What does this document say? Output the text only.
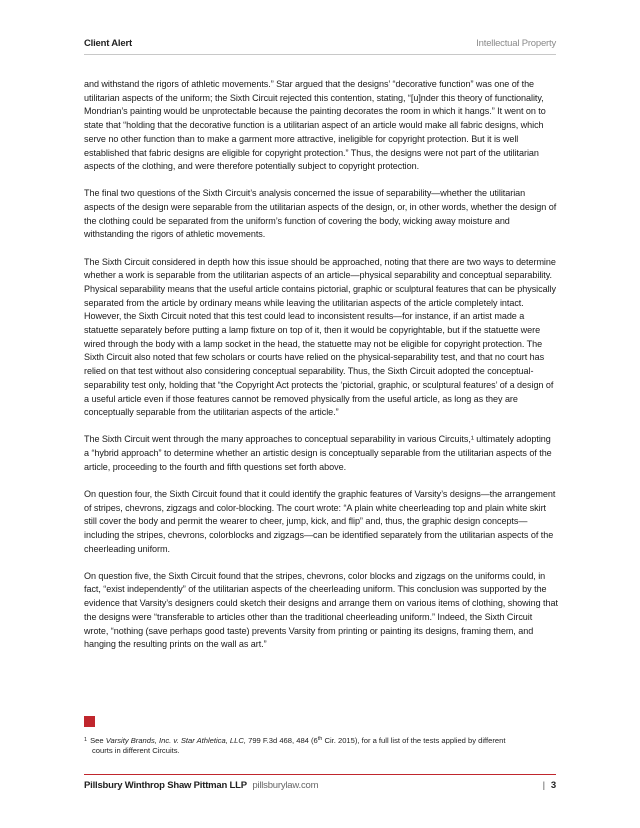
Client Alert	Intellectual Property

and withstand the rigors of athletic movements.” Star argued that the designs’ “decorative function” was one of the utilitarian aspects of the uniform; the Sixth Circuit rejected this contention, stating, “[u]nder this theory of functionality, Mondrian’s painting would be unprotectable because the painting decorates the room in which it hangs.” It went on to state that “holding that the decorative function is a utilitarian aspect of an article would make all fabric designs, which serve no other function than to make a garment more attractive, ineligible for copyright protection. But it is well established that fabric designs are eligible for copyright protection.” Thus, the designs were not part of the utilitarian aspects of the clothing, and were therefore potentially subject to copyright protection.

The final two questions of the Sixth Circuit’s analysis concerned the issue of separability—whether the utilitarian aspects of the design were separable from the utilitarian aspects of the design, or, in other words, whether the design of the clothing could be separated from the uniform’s function of covering the body, wicking away moisture and withstanding the rigors of athletic movements.

The Sixth Circuit considered in depth how this issue should be approached, noting that there are two ways to determine whether a work is separable from the utilitarian aspects of an article—physical separability and conceptual separability. Physical separability means that the useful article contains pictorial, graphic or sculptural features that can be physically separated from the article by ordinary means while leaving the utilitarian aspects of the article completely intact. However, the Sixth Circuit noted that this test could lead to inconsistent results—for instance, if an artist made a statuette separately before putting a lamp fixture on top of it, then it would be copyrightable, but if the statuette were wired through the body with a lamp socket in the head, the statuette may not be eligible for copyright protection. The Sixth Circuit also noted that few scholars or courts have relied on the physical-separability test, and that no court has relied on that test without also considering conceptual separability. Thus, the Sixth Circuit adopted the conceptual-separability test only, holding that “the Copyright Act protects the ‘pictorial, graphic, or sculptural features’ of a design of a useful article even if those features cannot be removed physically from the useful article, as long as they are conceptually separable from the utilitarian aspects of the article.”

The Sixth Circuit went through the many approaches to conceptual separability in various Circuits,¹ ultimately adopting a “hybrid approach” to determine whether an artistic design is conceptually separable from the utilitarian aspects of the article, proceeding to the fourth and fifth questions set forth above.

On question four, the Sixth Circuit found that it could identify the graphic features of Varsity’s designs—the arrangement of stripes, chevrons, zigzags and color-blocking. The court wrote: “A plain white cheerleading top and plain white skirt still cover the body and permit the wearer to cheer, jump, kick, and flip” and, thus, the graphic design concepts—including the stripes, chevrons, colorblocks and zigzags—can be identified separately from the utilitarian aspects of the cheerleading uniform.

On question five, the Sixth Circuit found that the stripes, chevrons, color blocks and zigzags on the uniforms could, in fact, “exist independently” of the utilitarian aspects of the cheerleading uniform. This conclusion was supported by the evidence that Varsity’s designers could sketch their designs and arrange them on various items of clothing, showing that the designs were “transferable to articles other than the traditional cheerleading uniform.” Indeed, the Sixth Circuit wrote, “nothing (save perhaps good taste) prevents Varsity from printing or painting its designs, framing them, and hanging the resulting prints on the wall as art.”

$^1$ See Varsity Brands, Inc. v. Star Athletica, LLC, 799 F.3d 468, 484 (6th Cir. 2015), for a full list of the tests applied by different
courts in different Circuits.
Pillsbury Winthrop Shaw Pittman LLP pillsburylaw.com	| 3
